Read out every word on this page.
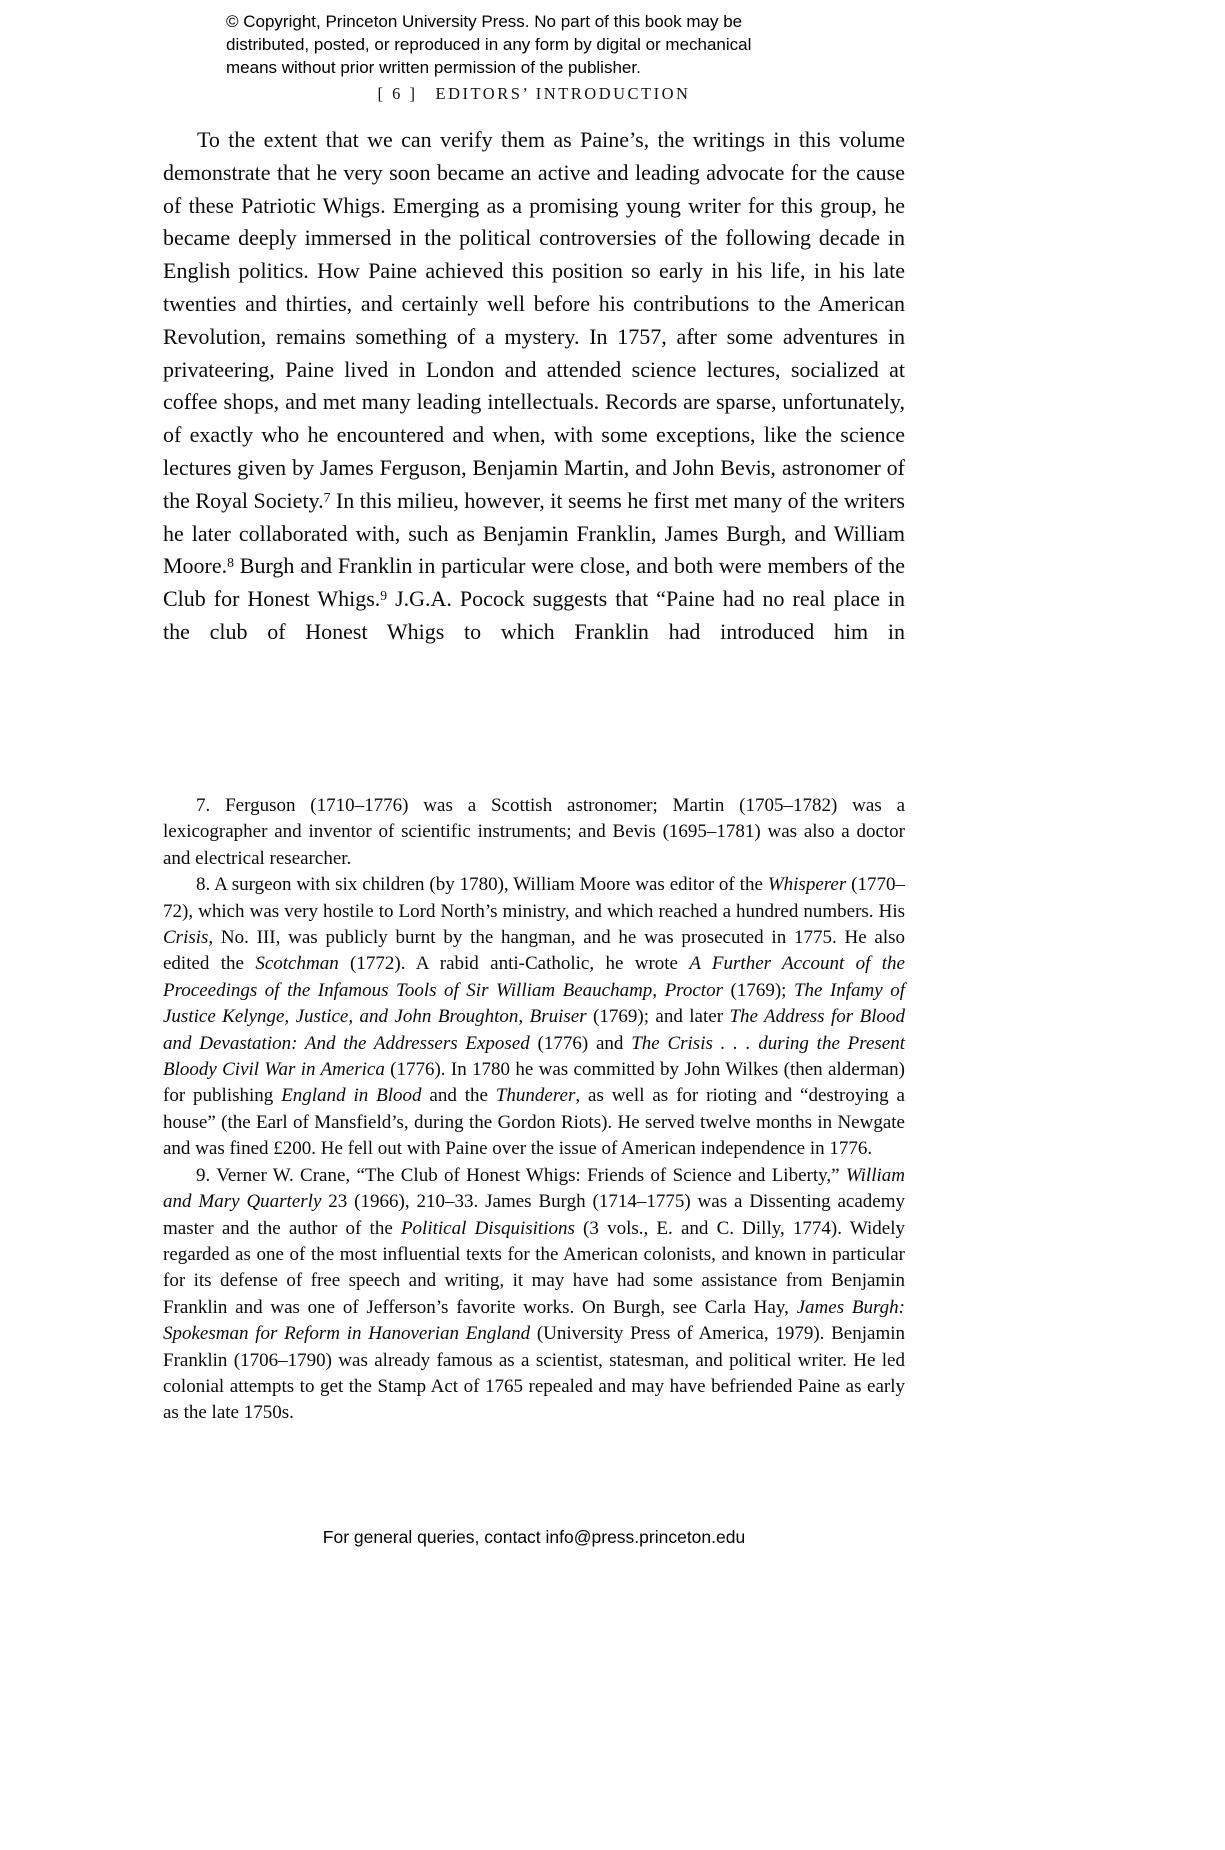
© Copyright, Princeton University Press. No part of this book may be
distributed, posted, or reproduced in any form by digital or mechanical
means without prior written permission of the publisher.
[ 6 ] EDITORS’ INTRODUCTION

To the extent that we can verify them as Paine’s, the writings in this volume demonstrate that he very soon became an active and leading advocate for the cause of these Patriotic Whigs. Emerging as a promising young writer for this group, he became deeply immersed in the political controversies of the following decade in English politics. How Paine achieved this position so early in his life, in his late twenties and thirties, and certainly well before his contributions to the American Revolution, remains something of a mystery. In 1757, after some adventures in privateering, Paine lived in London and attended science lectures, socialized at coffee shops, and met many leading intellectuals. Records are sparse, unfortunately, of exactly who he encountered and when, with some exceptions, like the science lectures given by James Ferguson, Benjamin Martin, and John Bevis, astronomer of the Royal Society.$^7$ In this milieu, however, it seems he first met many of the writers he later collaborated with, such as Benjamin Franklin, James Burgh, and William Moore.$^8$ Burgh and Franklin in particular were close, and both were members of the Club for Honest Whigs.$^9$ J.G.A. Pocock suggests that “Paine had no real place in the club of Honest Whigs to which Franklin had introduced him in

7. Ferguson (1710–1776) was a Scottish astronomer; Martin (1705–1782) was a lexicographer and inventor of scientific instruments; and Bevis (1695–1781) was also a doctor and electrical researcher.

8. A surgeon with six children (by 1780), William Moore was editor of the Whisperer (1770–72), which was very hostile to Lord North’s ministry, and which reached a hundred numbers. His Crisis, No. III, was publicly burnt by the hangman, and he was prosecuted in 1775. He also edited the Scotchman (1772). A rabid anti-Catholic, he wrote A Further Account of the Proceedings of the Infamous Tools of Sir William Beauchamp, Proctor (1769); The Infamy of Justice Kelynge, Justice, and John Broughton, Bruiser (1769); and later The Address for Blood and Devastation: And the Addressers Exposed (1776) and The Crisis . . . during the Present Bloody Civil War in America (1776). In 1780 he was committed by John Wilkes (then alderman) for publishing England in Blood and the Thunderer, as well as for rioting and “destroying a house” (the Earl of Mansfield’s, during the Gordon Riots). He served twelve months in Newgate and was fined £200. He fell out with Paine over the issue of American independence in 1776.

9. Verner W. Crane, “The Club of Honest Whigs: Friends of Science and Liberty,” William and Mary Quarterly 23 (1966), 210–33. James Burgh (1714–1775) was a Dissenting academy master and the author of the Political Disquisitions (3 vols., E. and C. Dilly, 1774). Widely regarded as one of the most influential texts for the American colonists, and known in particular for its defense of free speech and writing, it may have had some assistance from Benjamin Franklin and was one of Jefferson’s favorite works. On Burgh, see Carla Hay, James Burgh: Spokesman for Reform in Hanoverian England (University Press of America, 1979). Benjamin Franklin (1706–1790) was already famous as a scientist, statesman, and political writer. He led colonial attempts to get the Stamp Act of 1765 repealed and may have befriended Paine as early as the late 1750s.

For general queries, contact info@press.princeton.edu
